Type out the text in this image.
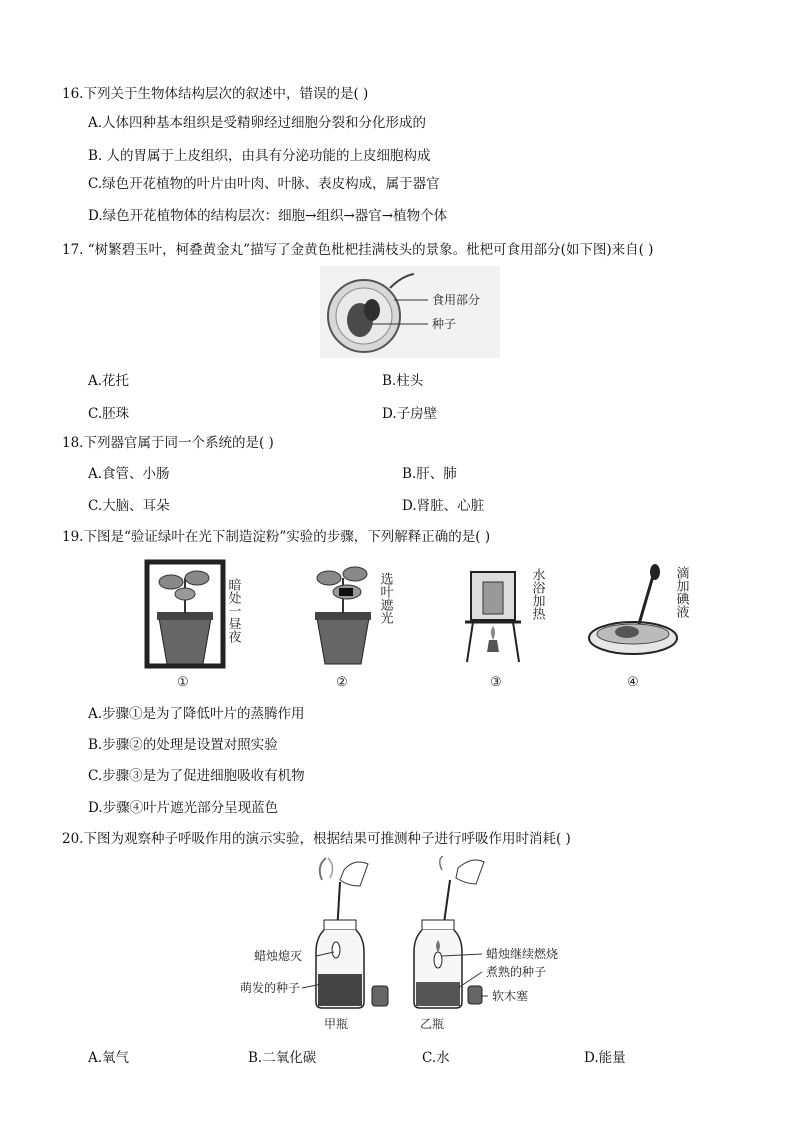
16.下列关于生物体结构层次的叙述中，错误的是( )
A.人体四种基本组织是受精卵经过细胞分裂和分化形成的
B. 人的胃属于上皮组织，由具有分泌功能的上皮细胞构成
C.绿色开花植物的叶片由叶肉、叶脉、表皮构成，属于器官
D.绿色开花植物体的结构层次：细胞→组织→器官→植物个体
17. “树繁碧玉叶，柯叠黄金丸”描写了金黄色枇杷挂满枝头的景象。枇杷可食用部分(如下图)来自( )
食用部分
种子
A.花托	B.柱头
C.胚珠	D.子房壁
18.下列器官属于同一个系统的是( )
A.食管、小肠	B.肝、肺
C.大脑、耳朵	D.肾脏、心脏
19.下图是“验证绿叶在光下制造淀粉”实验的步骤，下列解释正确的是( )
暗处一昼夜	选叶遮光	水浴加热	滴加碘液
①	②	③	④
A.步骤①是为了降低叶片的蒸腾作用
B.步骤②的处理是设置对照实验
C.步骤③是为了促进细胞吸收有机物
D.步骤④叶片遮光部分呈现蓝色
20.下图为观察种子呼吸作用的演示实验，根据结果可推测种子进行呼吸作用时消耗( )
蜡烛熄灭
萌发的种子
蜡烛继续燃烧
煮熟的种子
软木塞
甲瓶	乙瓶
A.氧气	B.二氧化碳	C.水	D.能量
